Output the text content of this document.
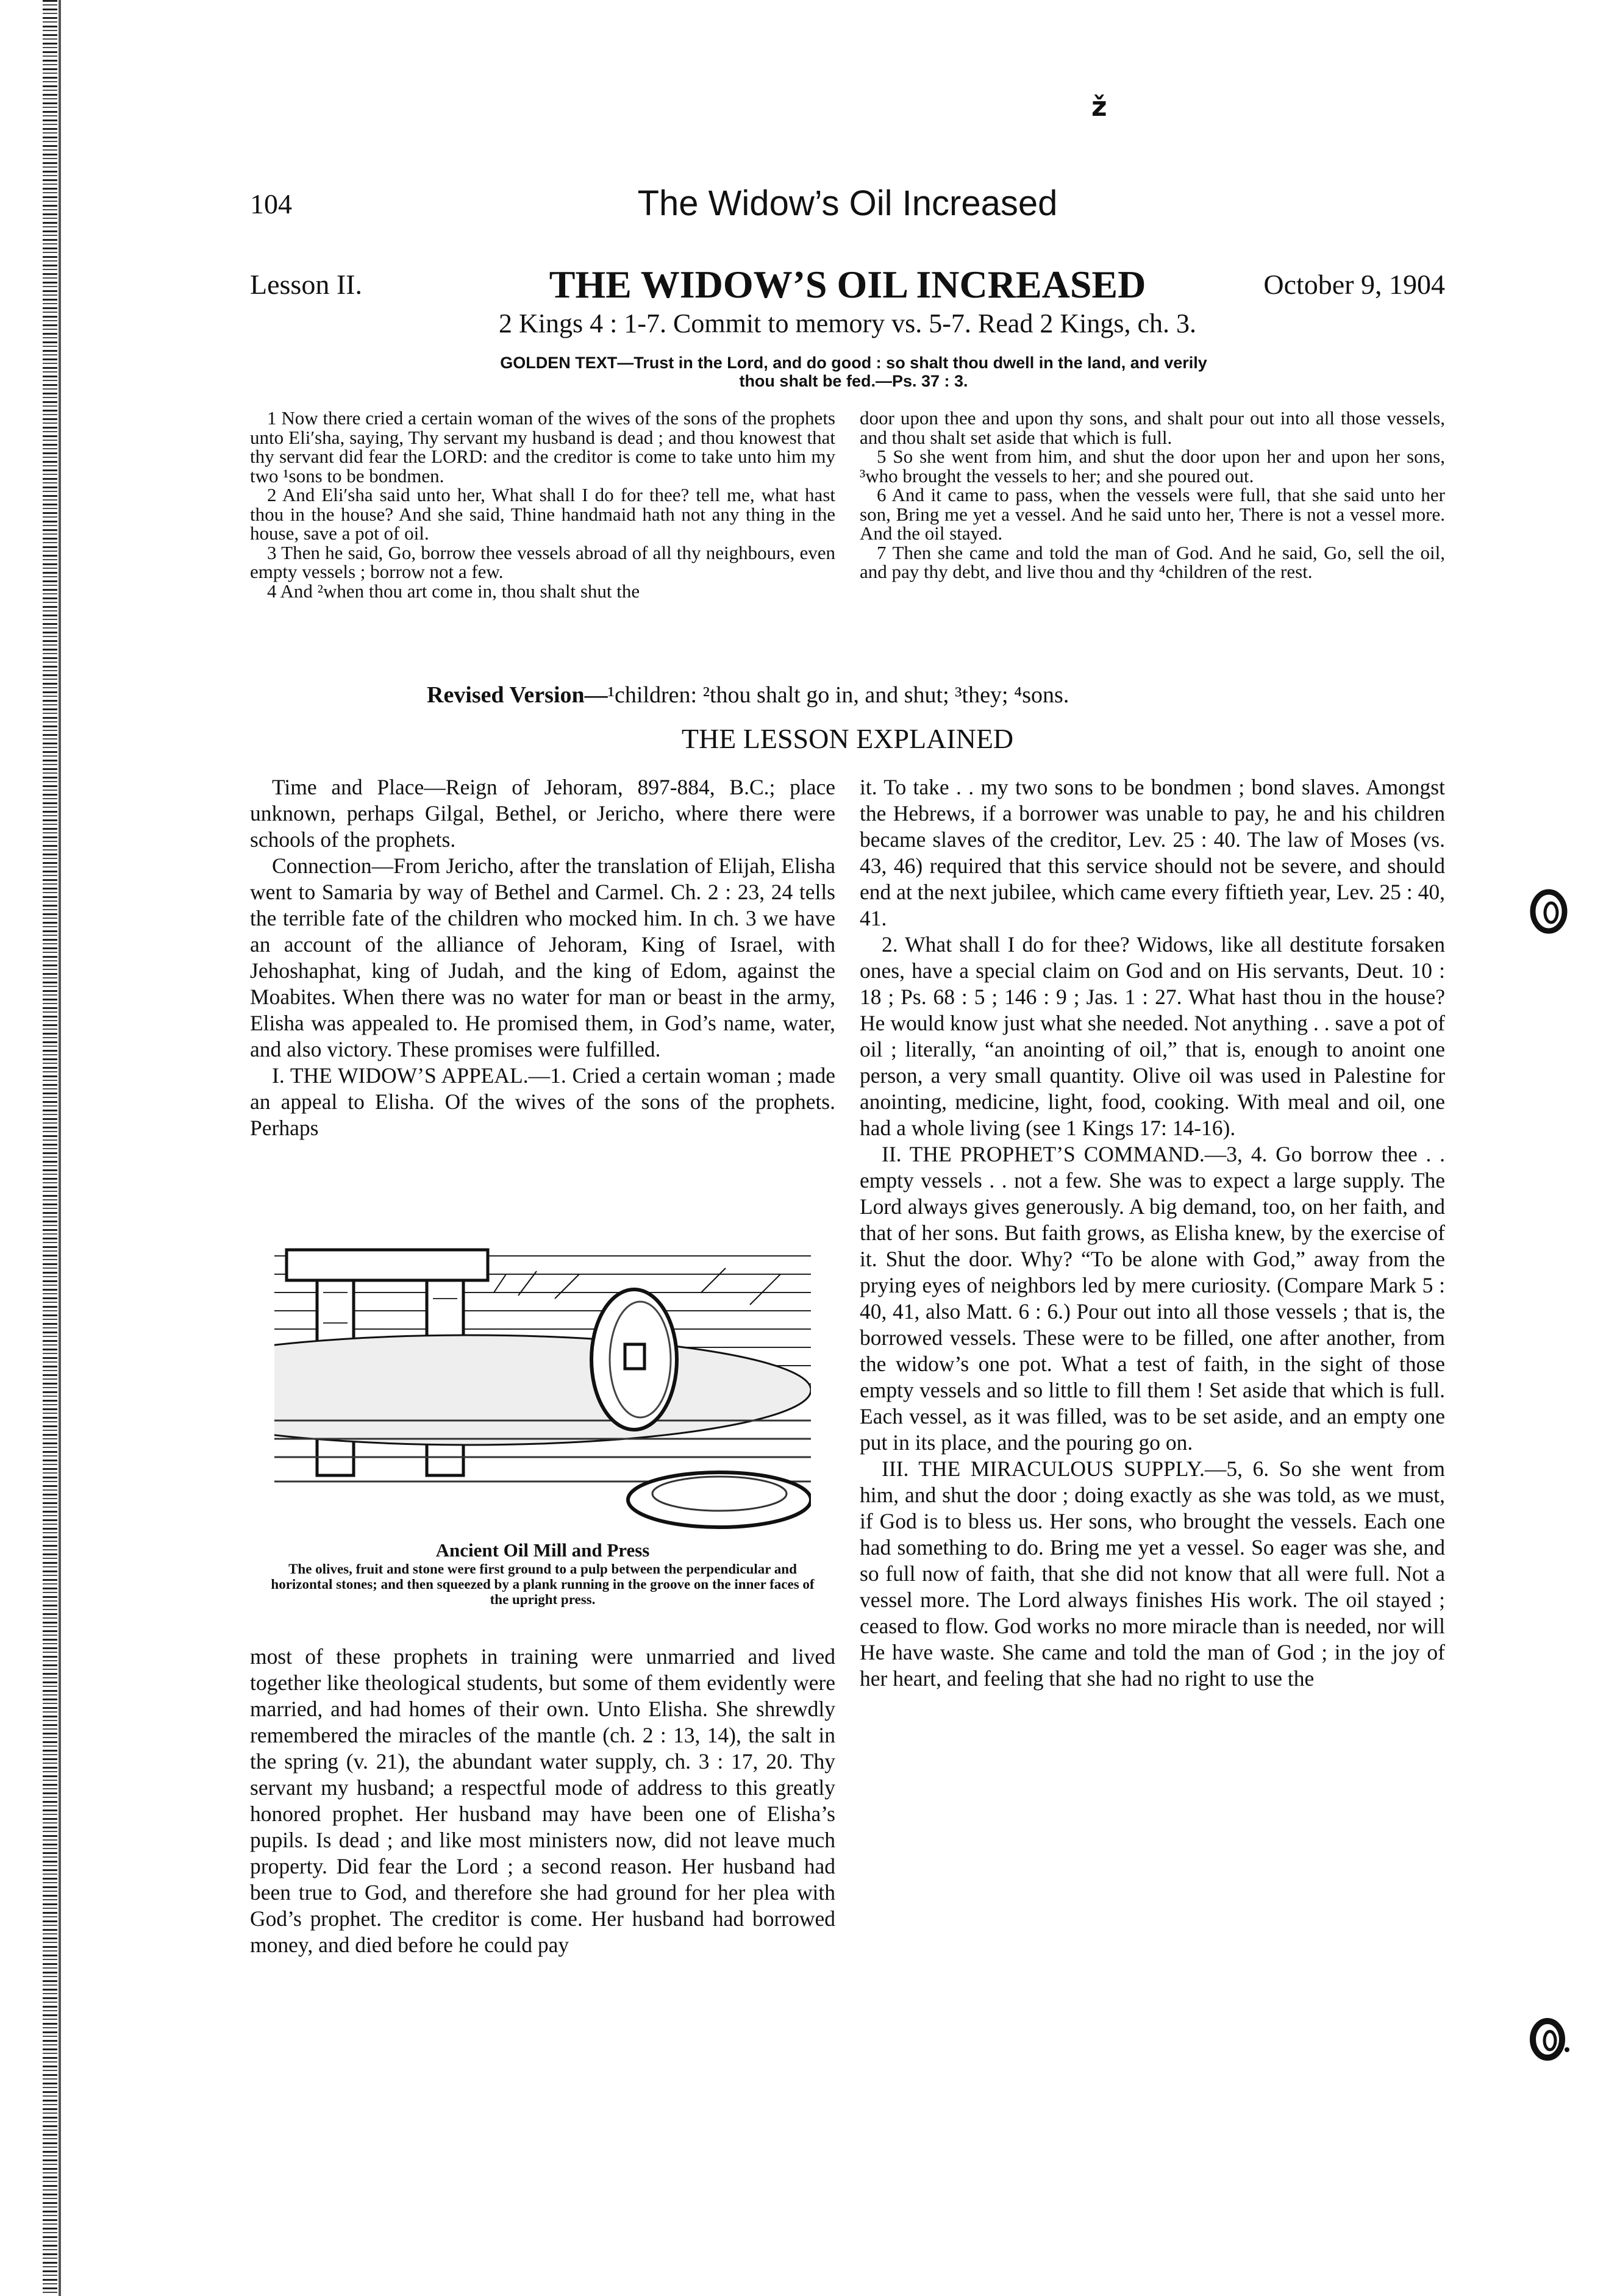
ž
104	The Widow’s Oil Increased
Lesson II.	THE WIDOW’S OIL INCREASED	October 9, 1904
2 Kings 4 : 1-7. Commit to memory vs. 5-7. Read 2 Kings, ch. 3.
GOLDEN TEXT—Trust in the Lord, and do good : so shalt thou dwell in the land, and verily
thou shalt be fed.—Ps. 37 : 3.

1 Now there cried a certain woman of the wives of the sons of the prophets unto Eli′sha, saying, Thy servant my husband is dead ; and thou knowest that thy servant did fear the LORD: and the creditor is come to take unto him my two ¹sons to be bondmen.

2 And Eli′sha said unto her, What shall I do for thee? tell me, what hast thou in the house? And she said, Thine handmaid hath not any thing in the house, save a pot of oil.

3 Then he said, Go, borrow thee vessels abroad of all thy neighbours, even empty vessels ; borrow not a few.

4 And ²when thou art come in, thou shalt shut the

door upon thee and upon thy sons, and shalt pour out into all those vessels, and thou shalt set aside that which is full.

5 So she went from him, and shut the door upon her and upon her sons, ³who brought the vessels to her; and she poured out.

6 And it came to pass, when the vessels were full, that she said unto her son, Bring me yet a vessel. And he said unto her, There is not a vessel more. And the oil stayed.

7 Then she came and told the man of God. And he said, Go, sell the oil, and pay thy debt, and live thou and thy ⁴children of the rest.

Revised Version—¹children: ²thou shalt go in, and shut; ³they; ⁴sons.
THE LESSON EXPLAINED

Time and Place—Reign of Jehoram, 897-884, B.C.; place unknown, perhaps Gilgal, Bethel, or Jericho, where there were schools of the prophets.

Connection—From Jericho, after the translation of Elijah, Elisha went to Samaria by way of Bethel and Carmel. Ch. 2 : 23, 24 tells the terrible fate of the children who mocked him. In ch. 3 we have an account of the alliance of Jehoram, King of Israel, with Jehoshaphat, king of Judah, and the king of Edom, against the Moabites. When there was no water for man or beast in the army, Elisha was appealed to. He promised them, in God’s name, water, and also victory. These promises were fulfilled.

I. THE WIDOW’S APPEAL.—1. Cried a certain woman ; made an appeal to Elisha. Of the wives of the sons of the prophets. Perhaps

Ancient Oil Mill and Press
The olives, fruit and stone were first ground to a pulp between the perpendicular and horizontal stones; and then squeezed by a plank running in the groove on the inner faces of the upright press.

most of these prophets in training were unmarried and lived together like theological students, but some of them evidently were married, and had homes of their own. Unto Elisha. She shrewdly remembered the miracles of the mantle (ch. 2 : 13, 14), the salt in the spring (v. 21), the abundant water supply, ch. 3 : 17, 20. Thy servant my husband; a respectful mode of address to this greatly honored prophet. Her husband may have been one of Elisha’s pupils. Is dead ; and like most ministers now, did not leave much property. Did fear the Lord ; a second reason. Her husband had been true to God, and therefore she had ground for her plea with God’s prophet. The creditor is come. Her husband had borrowed money, and died before he could pay

it. To take . . my two sons to be bondmen ; bond slaves. Amongst the Hebrews, if a borrower was unable to pay, he and his children became slaves of the creditor, Lev. 25 : 40. The law of Moses (vs. 43, 46) required that this service should not be severe, and should end at the next jubilee, which came every fiftieth year, Lev. 25 : 40, 41.

2. What shall I do for thee? Widows, like all destitute forsaken ones, have a special claim on God and on His servants, Deut. 10 : 18 ; Ps. 68 : 5 ; 146 : 9 ; Jas. 1 : 27. What hast thou in the house? He would know just what she needed. Not anything . . save a pot of oil ; literally, “an anointing of oil,” that is, enough to anoint one person, a very small quantity. Olive oil was used in Palestine for anointing, medicine, light, food, cooking. With meal and oil, one had a whole living (see 1 Kings 17: 14-16).

II. THE PROPHET’S COMMAND.—3, 4. Go borrow thee . . empty vessels . . not a few. She was to expect a large supply. The Lord always gives generously. A big demand, too, on her faith, and that of her sons. But faith grows, as Elisha knew, by the exercise of it. Shut the door. Why? “To be alone with God,” away from the prying eyes of neighbors led by mere curiosity. (Compare Mark 5 : 40, 41, also Matt. 6 : 6.) Pour out into all those vessels ; that is, the borrowed vessels. These were to be filled, one after another, from the widow’s one pot. What a test of faith, in the sight of those empty vessels and so little to fill them ! Set aside that which is full. Each vessel, as it was filled, was to be set aside, and an empty one put in its place, and the pouring go on.

III. THE MIRACULOUS SUPPLY.—5, 6. So she went from him, and shut the door ; doing exactly as she was told, as we must, if God is to bless us. Her sons, who brought the vessels. Each one had something to do. Bring me yet a vessel. So eager was she, and so full now of faith, that she did not know that all were full. Not a vessel more. The Lord always finishes His work. The oil stayed ; ceased to flow. God works no more miracle than is needed, nor will He have waste. She came and told the man of God ; in the joy of her heart, and feeling that she had no right to use the
